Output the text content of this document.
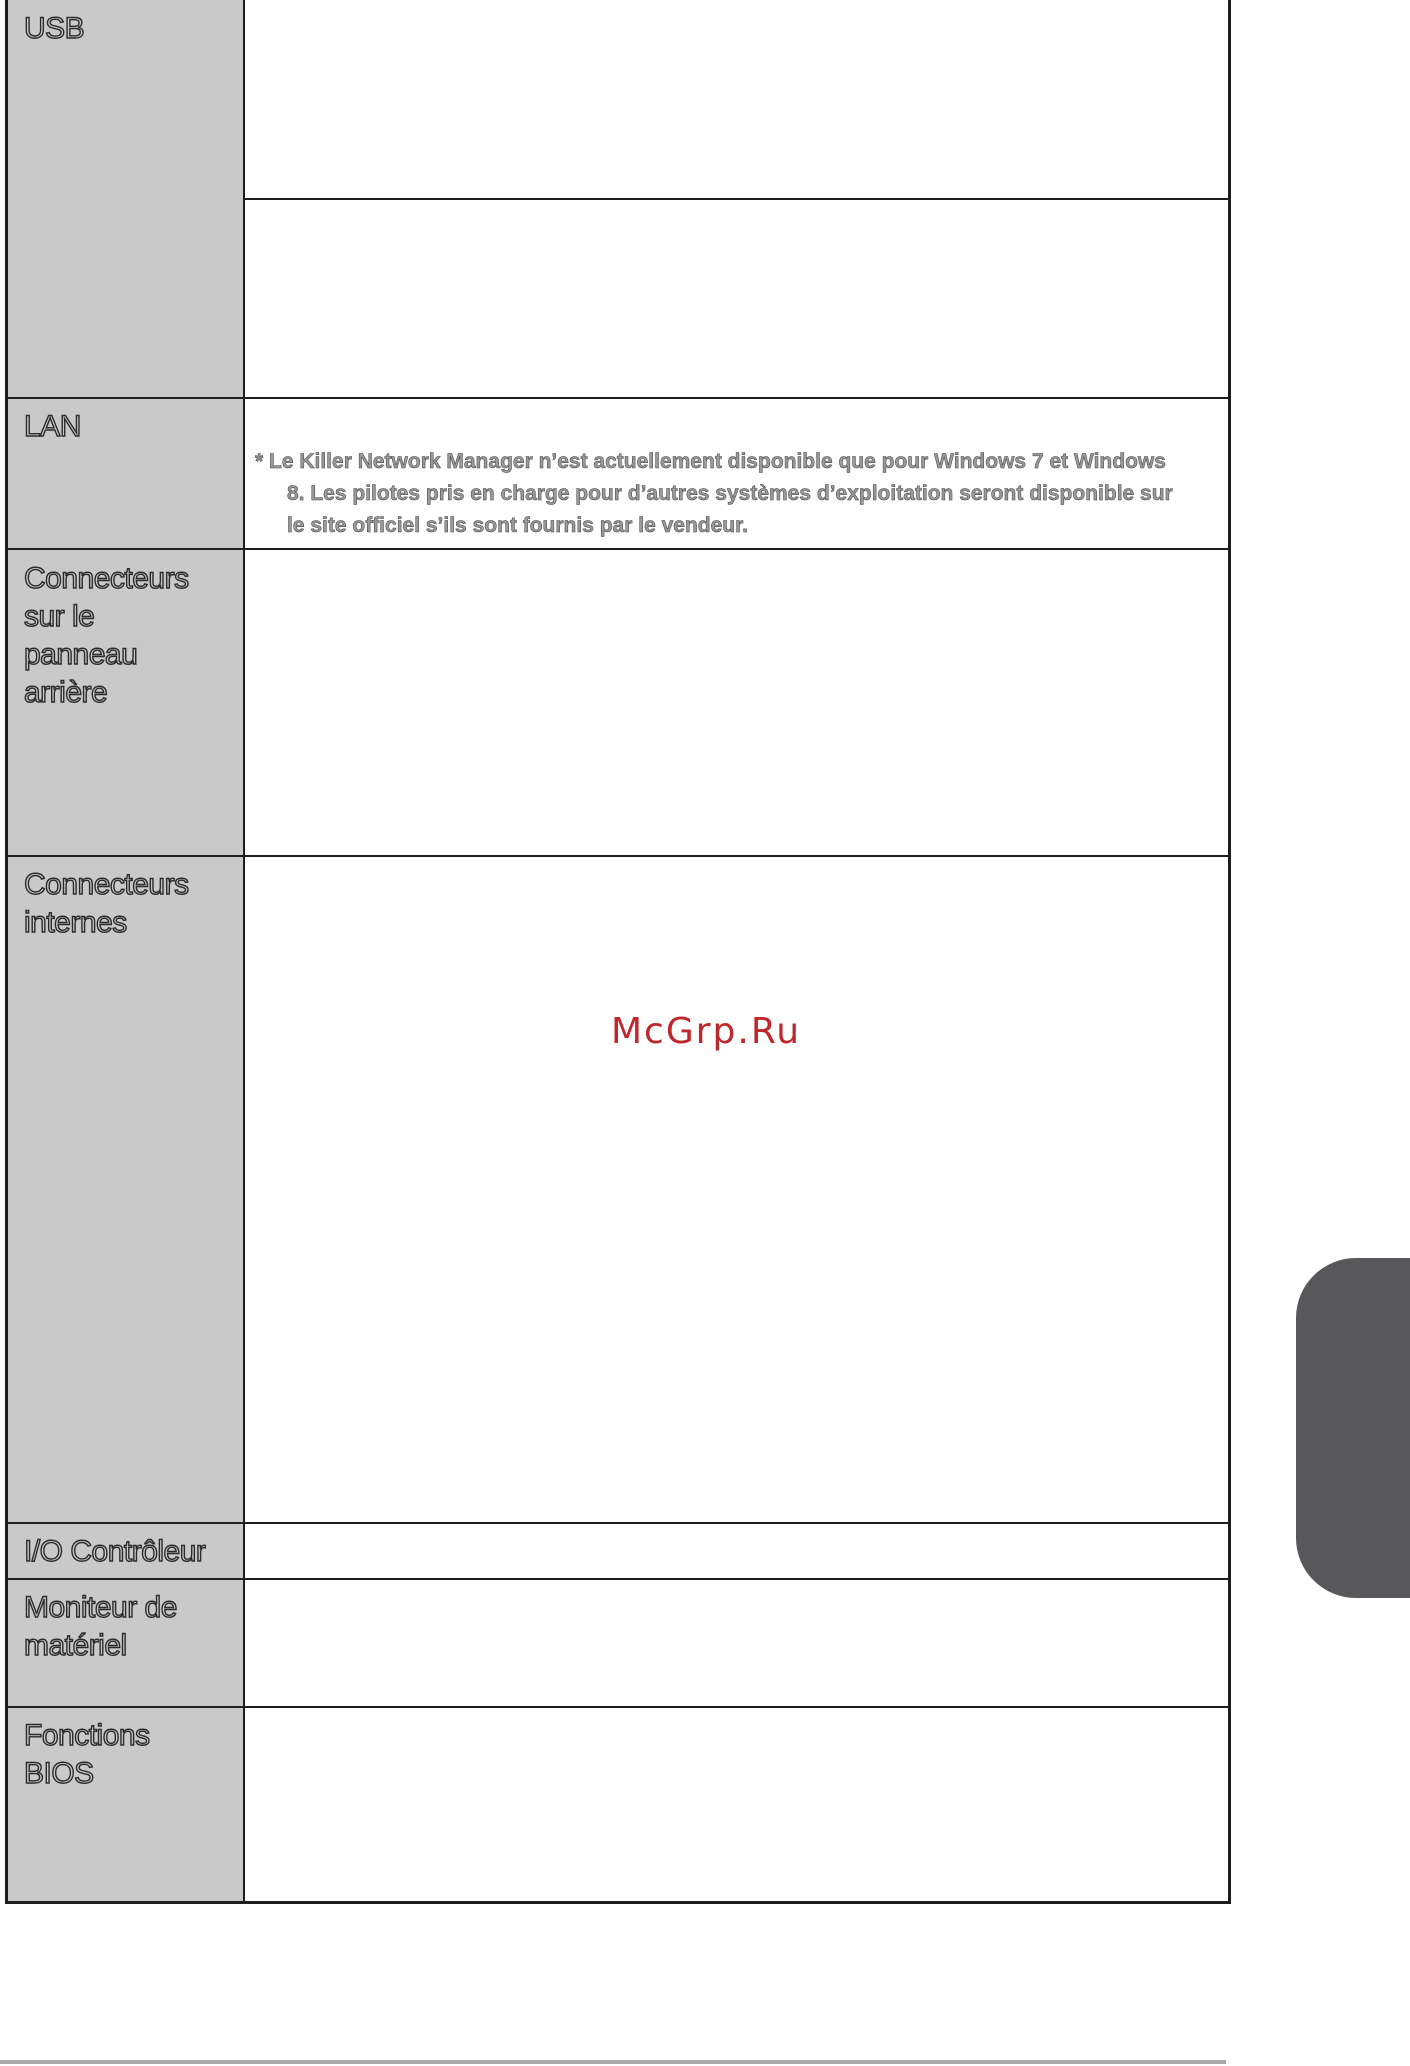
USB
LAN
Connecteurs
sur le
panneau
arrière
Connecteurs
internes
I/O Contrôleur
Moniteur de
matériel
Fonctions
BIOS
* Le Killer Network Manager n’est actuellement disponible que pour Windows 7 et Windows
8. Les pilotes pris en charge pour d’autres systèmes d’exploitation seront disponible sur
le site officiel s’ils sont fournis par le vendeur.
McGrp.Ru
